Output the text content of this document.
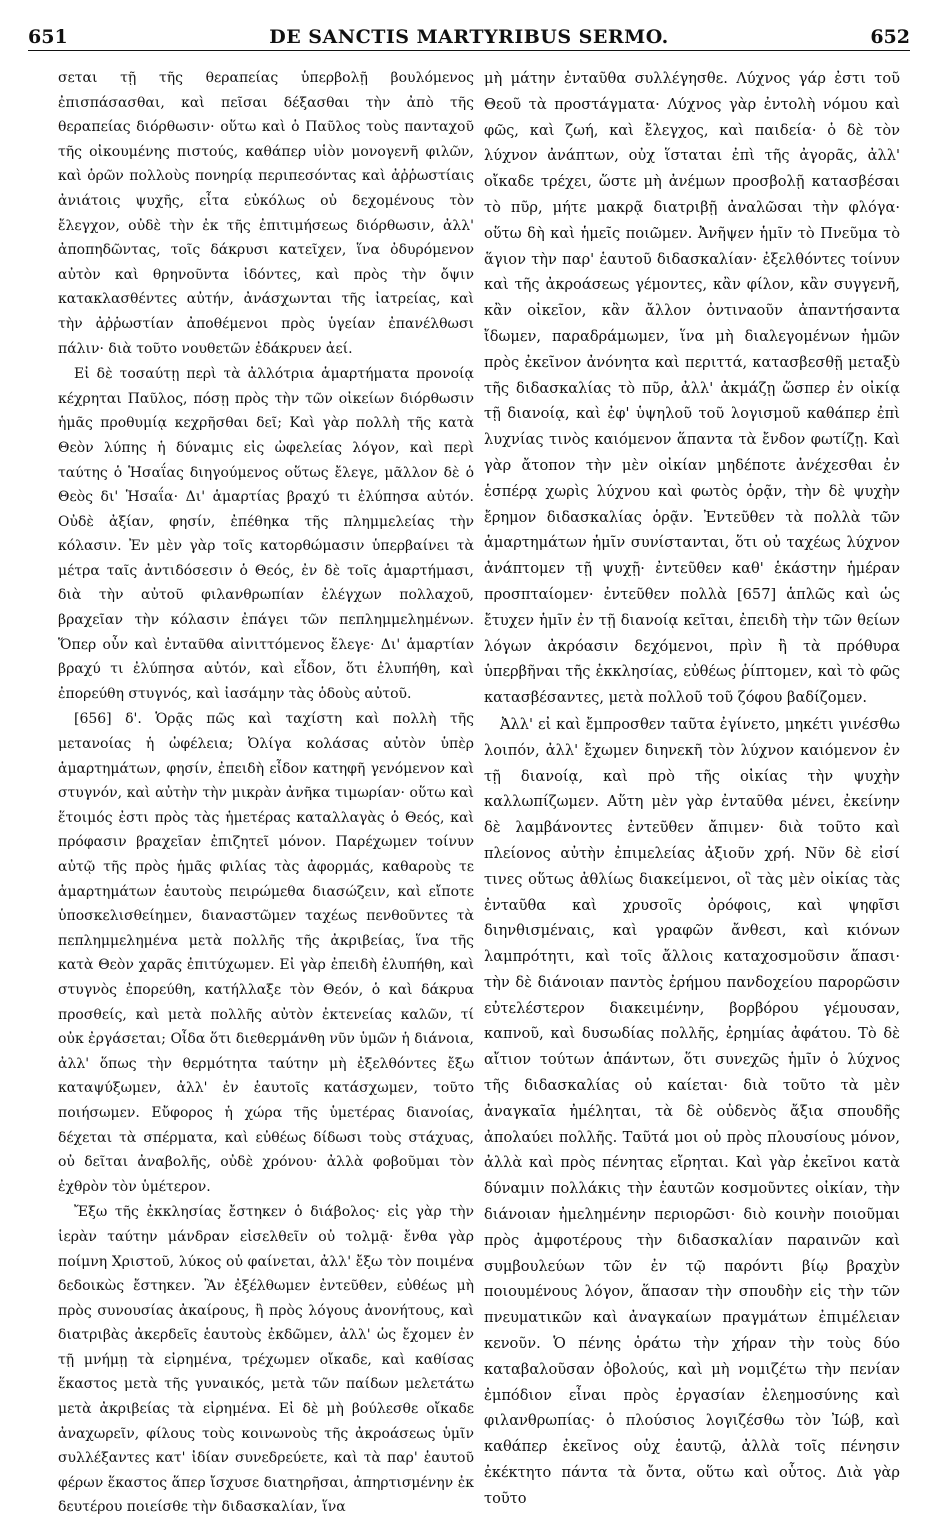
651	DE SANCTIS MARTYRIBUS SERMO.	652

σεται τῇ τῆς θεραπείας ὑπερβολῇ βουλόμενος ἐπισπάσασθαι, καὶ πεῖσαι δέξασθαι τὴν ἀπὸ τῆς θεραπείας διόρθωσιν· οὕτω καὶ ὁ Παῦλος τοὺς πανταχοῦ τῆς οἰκουμένης πιστούς, καθάπερ υἱὸν μονογενῆ φιλῶν, καὶ ὁρῶν πολλοὺς πονηρίᾳ περιπεσόντας καὶ ἀῤῥωστίαις ἀνιάτοις ψυχῆς, εἶτα εὐκόλως οὐ δεχομένους τὸν ἔλεγχον, οὐδὲ τὴν ἐκ τῆς ἐπιτιμήσεως διόρθωσιν, ἀλλ' ἀποπηδῶντας, τοῖς δάκρυσι κατεῖχεν, ἵνα ὀδυρόμενον αὐτὸν καὶ θρηνοῦντα ἰδόντες, καὶ πρὸς τὴν ὄψιν κατακλασθέντες αὐτήν, ἀνάσχωνται τῆς ἰατρείας, καὶ τὴν ἀῤῥωστίαν ἀποθέμενοι πρὸς ὑγείαν ἐπανέλθωσι πάλιν· διὰ τοῦτο νουθετῶν ἐδάκρυεν ἀεί.

Εἰ δὲ τοσαύτῃ περὶ τὰ ἀλλότρια ἁμαρτήματα προνοίᾳ κέχρηται Παῦλος, πόσῃ πρὸς τὴν τῶν οἰκείων διόρθωσιν ἡμᾶς προθυμίᾳ κεχρῆσθαι δεῖ; Καὶ γὰρ πολλὴ τῆς κατὰ Θεὸν λύπης ἡ δύναμις εἰς ὠφελείας λόγον, καὶ περὶ ταύτης ὁ Ἡσαΐας διηγούμενος οὕτως ἔλεγε, μᾶλλον δὲ ὁ Θεὸς δι' Ἡσαΐα· Δι' ἁμαρτίας βραχύ τι ἐλύπησα αὐτόν. Οὐδὲ ἀξίαν, φησίν, ἐπέθηκα τῆς πλημμελείας τὴν κόλασιν. Ἐν μὲν γὰρ τοῖς κατορθώμασιν ὑπερβαίνει τὰ μέτρα ταῖς ἀντιδόσεσιν ὁ Θεός, ἐν δὲ τοῖς ἁμαρτήμασι, διὰ τὴν αὐτοῦ φιλανθρωπίαν ἐλέγχων πολλαχοῦ, βραχεῖαν τὴν κόλασιν ἐπάγει τῶν πεπλημμελημένων. Ὅπερ οὖν καὶ ἐνταῦθα αἰνιττόμενος ἔλεγε· Δι' ἁμαρτίαν βραχύ τι ἐλύπησα αὐτόν, καὶ εἶδον, ὅτι ἐλυπήθη, καὶ ἐπορεύθη στυγνός, καὶ ἰασάμην τὰς ὁδοὺς αὐτοῦ.

[656] δ'. Ὁρᾷς πῶς καὶ ταχίστη καὶ πολλὴ τῆς μετανοίας ἡ ὠφέλεια; Ὀλίγα κολάσας αὐτὸν ὑπὲρ ἁμαρτημάτων, φησίν, ἐπειδὴ εἶδον κατηφῆ γενόμενον καὶ στυγνόν, καὶ αὐτὴν τὴν μικρὰν ἀνῆκα τιμωρίαν· οὕτω καὶ ἕτοιμός ἐστι πρὸς τὰς ἡμετέρας καταλλαγὰς ὁ Θεός, καὶ πρόφασιν βραχεῖαν ἐπιζητεῖ μόνον. Παρέχωμεν τοίνυν αὐτῷ τῆς πρὸς ἡμᾶς φιλίας τὰς ἀφορμάς, καθαροὺς τε ἁμαρτημάτων ἑαυτοὺς πειρώμεθα διασώζειν, καὶ εἴποτε ὑποσκελισθείημεν, διαναστῶμεν ταχέως πενθοῦντες τὰ πεπλημμελημένα μετὰ πολλῆς τῆς ἀκριβείας, ἵνα τῆς κατὰ Θεὸν χαρᾶς ἐπιτύχωμεν. Εἰ γὰρ ἐπειδὴ ἐλυπήθη, καὶ στυγνὸς ἐπορεύθη, κατήλλαξε τὸν Θεόν, ὁ καὶ δάκρυα προσθείς, καὶ μετὰ πολλῆς αὐτὸν ἐκτενείας καλῶν, τί οὐκ ἐργάσεται; Οἶδα ὅτι διεθερμάνθη νῦν ὑμῶν ἡ διάνοια, ἀλλ' ὅπως τὴν θερμότητα ταύτην μὴ ἐξελθόντες ἔξω καταψύξωμεν, ἀλλ' ἐν ἑαυτοῖς κατάσχωμεν, τοῦτο ποιήσωμεν. Εὔφορος ἡ χώρα τῆς ὑμετέρας διανοίας, δέχεται τὰ σπέρματα, καὶ εὐθέως δίδωσι τοὺς στάχυας, οὐ δεῖται ἀναβολῆς, οὐδὲ χρόνου· ἀλλὰ φοβοῦμαι τὸν ἐχθρὸν τὸν ὑμέτερον.

Ἔξω τῆς ἐκκλησίας ἔστηκεν ὁ διάβολος· εἰς γὰρ τὴν ἱερὰν ταύτην μάνδραν εἰσελθεῖν οὐ τολμᾷ· ἔνθα γὰρ ποίμνη Χριστοῦ, λύκος οὐ φαίνεται, ἀλλ' ἔξω τὸν ποιμένα δεδοικὼς ἔστηκεν. Ἂν ἐξέλθωμεν ἐντεῦθεν, εὐθέως μὴ πρὸς συνουσίας ἀκαίρους, ἢ πρὸς λόγους ἀνονήτους, καὶ διατριβὰς ἀκερδεῖς ἑαυτοὺς ἐκδῶμεν, ἀλλ' ὡς ἔχομεν ἐν τῇ μνήμῃ τὰ εἰρημένα, τρέχωμεν οἴκαδε, καὶ καθίσας ἕκαστος μετὰ τῆς γυναικός, μετὰ τῶν παίδων μελετάτω μετὰ ἀκριβείας τὰ εἰρημένα. Εἰ δὲ μὴ βούλεσθε οἴκαδε ἀναχωρεῖν, φίλους τοὺς κοινωνοὺς τῆς ἀκροάσεως ὑμῖν συλλέξαντες κατ' ἰδίαν συνεδρεύετε, καὶ τὰ παρ' ἑαυτοῦ φέρων ἕκαστος ἅπερ ἴσχυσε διατηρῆσαι, ἀπηρτισμένην ἐκ δευτέρου ποιείσθε τὴν διδασκαλίαν, ἵνα

μὴ μάτην ἐνταῦθα συλλέγησθε. Λύχνος γάρ ἐστι τοῦ Θεοῦ τὰ προστάγματα· Λύχνος γὰρ ἐντολὴ νόμου καὶ φῶς, καὶ ζωή, καὶ ἔλεγχος, καὶ παιδεία· ὁ δὲ τὸν λύχνον ἀνάπτων, οὐχ ἵσταται ἐπὶ τῆς ἀγορᾶς, ἀλλ' οἴκαδε τρέχει, ὥστε μὴ ἀνέμων προσβολῇ κατασβέσαι τὸ πῦρ, μήτε μακρᾷ διατριβῇ ἀναλῶσαι τὴν φλόγα· οὕτω δὴ καὶ ἡμεῖς ποιῶμεν. Ἀνῆψεν ἡμῖν τὸ Πνεῦμα τὸ ἅγιον τὴν παρ' ἑαυτοῦ διδασκαλίαν· ἐξελθόντες τοίνυν καὶ τῆς ἀκροάσεως γέμοντες, κἂν φίλον, κἂν συγγενῆ, κἂν οἰκεῖον, κἂν ἄλλον ὀντιναοῦν ἀπαντήσαντα ἴδωμεν, παραδράμωμεν, ἵνα μὴ διαλεγομένων ἡμῶν πρὸς ἐκεῖνον ἀνόνητα καὶ περιττά, κατασβεσθῇ μεταξὺ τῆς διδασκαλίας τὸ πῦρ, ἀλλ' ἀκμάζῃ ὥσπερ ἐν οἰκίᾳ τῇ διανοίᾳ, καὶ ἐφ' ὑψηλοῦ τοῦ λογισμοῦ καθάπερ ἐπὶ λυχνίας τινὸς καιόμενον ἅπαντα τὰ ἔνδον φωτίζῃ. Καὶ γὰρ ἄτοπον τὴν μὲν οἰκίαν μηδέποτε ἀνέχεσθαι ἐν ἑσπέρᾳ χωρὶς λύχνου καὶ φωτὸς ὁρᾷν, τὴν δὲ ψυχὴν ἔρημον διδασκαλίας ὁρᾷν. Ἐντεῦθεν τὰ πολλὰ τῶν ἁμαρτημάτων ἡμῖν συνίστανται, ὅτι οὐ ταχέως λύχνον ἀνάπτομεν τῇ ψυχῇ· ἐντεῦθεν καθ' ἑκάστην ἡμέραν προσπταίομεν· ἐντεῦθεν πολλὰ [657] ἁπλῶς καὶ ὡς ἔτυχεν ἡμῖν ἐν τῇ διανοίᾳ κεῖται, ἐπειδὴ τὴν τῶν θείων λόγων ἀκρόασιν δεχόμενοι, πρὶν ἢ τὰ πρόθυρα ὑπερβῆναι τῆς ἐκκλησίας, εὐθέως ῥίπτομεν, καὶ τὸ φῶς κατασβέσαντες, μετὰ πολλοῦ τοῦ ζόφου βαδίζομεν.

Ἀλλ' εἰ καὶ ἔμπροσθεν ταῦτα ἐγίνετο, μηκέτι γινέσθω λοιπόν, ἀλλ' ἔχωμεν διηνεκῆ τὸν λύχνον καιόμενον ἐν τῇ διανοίᾳ, καὶ πρὸ τῆς οἰκίας τὴν ψυχὴν καλλωπίζωμεν. Αὕτη μὲν γὰρ ἐνταῦθα μένει, ἐκείνην δὲ λαμβάνοντες ἐντεῦθεν ἄπιμεν· διὰ τοῦτο καὶ πλείονος αὐτὴν ἐπιμελείας ἀξιοῦν χρή. Νῦν δὲ εἰσί τινες οὕτως ἀθλίως διακείμενοι, οἳ τὰς μὲν οἰκίας τὰς ἐνταῦθα καὶ χρυσοῖς ὀρόφοις, καὶ ψηφῖσι διηνθισμέναις, καὶ γραφῶν ἄνθεσι, καὶ κιόνων λαμπρότητι, καὶ τοῖς ἄλλοις καταχοσμοῦσιν ἅπασι· τὴν δὲ διάνοιαν παντὸς ἐρήμου πανδοχείου παρορῶσιν εὐτελέστερον διακειμένην, βορβόρου γέμουσαν, καπνοῦ, καὶ δυσωδίας πολλῆς, ἐρημίας ἀφάτου. Τὸ δὲ αἴτιον τούτων ἁπάντων, ὅτι συνεχῶς ἡμῖν ὁ λύχνος τῆς διδασκαλίας οὐ καίεται· διὰ τοῦτο τὰ μὲν ἀναγκαῖα ἠμέληται, τὰ δὲ οὐδενὸς ἄξια σπουδῆς ἀπολαύει πολλῆς. Ταῦτά μοι οὐ πρὸς πλουσίους μόνον, ἀλλὰ καὶ πρὸς πένητας εἴρηται. Καὶ γὰρ ἐκεῖνοι κατὰ δύναμιν πολλάκις τὴν ἑαυτῶν κοσμοῦντες οἰκίαν, τὴν διάνοιαν ἠμελημένην περιορῶσι· διὸ κοινὴν ποιοῦμαι πρὸς ἀμφοτέρους τὴν διδασκαλίαν παραινῶν καὶ συμβουλεύων τῶν ἐν τῷ παρόντι βίῳ βραχὺν ποιουμένους λόγον, ἅπασαν τὴν σπουδὴν εἰς τὴν τῶν πνευματικῶν καὶ ἀναγκαίων πραγμάτων ἐπιμέλειαν κενοῦν. Ὁ πένης ὁράτω τὴν χήραν τὴν τοὺς δύο καταβαλοῦσαν ὀβολούς, καὶ μὴ νομιζέτω τὴν πενίαν ἐμπόδιον εἶναι πρὸς ἐργασίαν ἐλεημοσύνης καὶ φιλανθρωπίας· ὁ πλούσιος λογιζέσθω τὸν Ἰώβ, καὶ καθάπερ ἐκεῖνος οὐχ ἑαυτῷ, ἀλλὰ τοῖς πένησιν ἐκέκτητο πάντα τὰ ὄντα, οὕτω καὶ οὗτος. Διὰ γὰρ τοῦτο
